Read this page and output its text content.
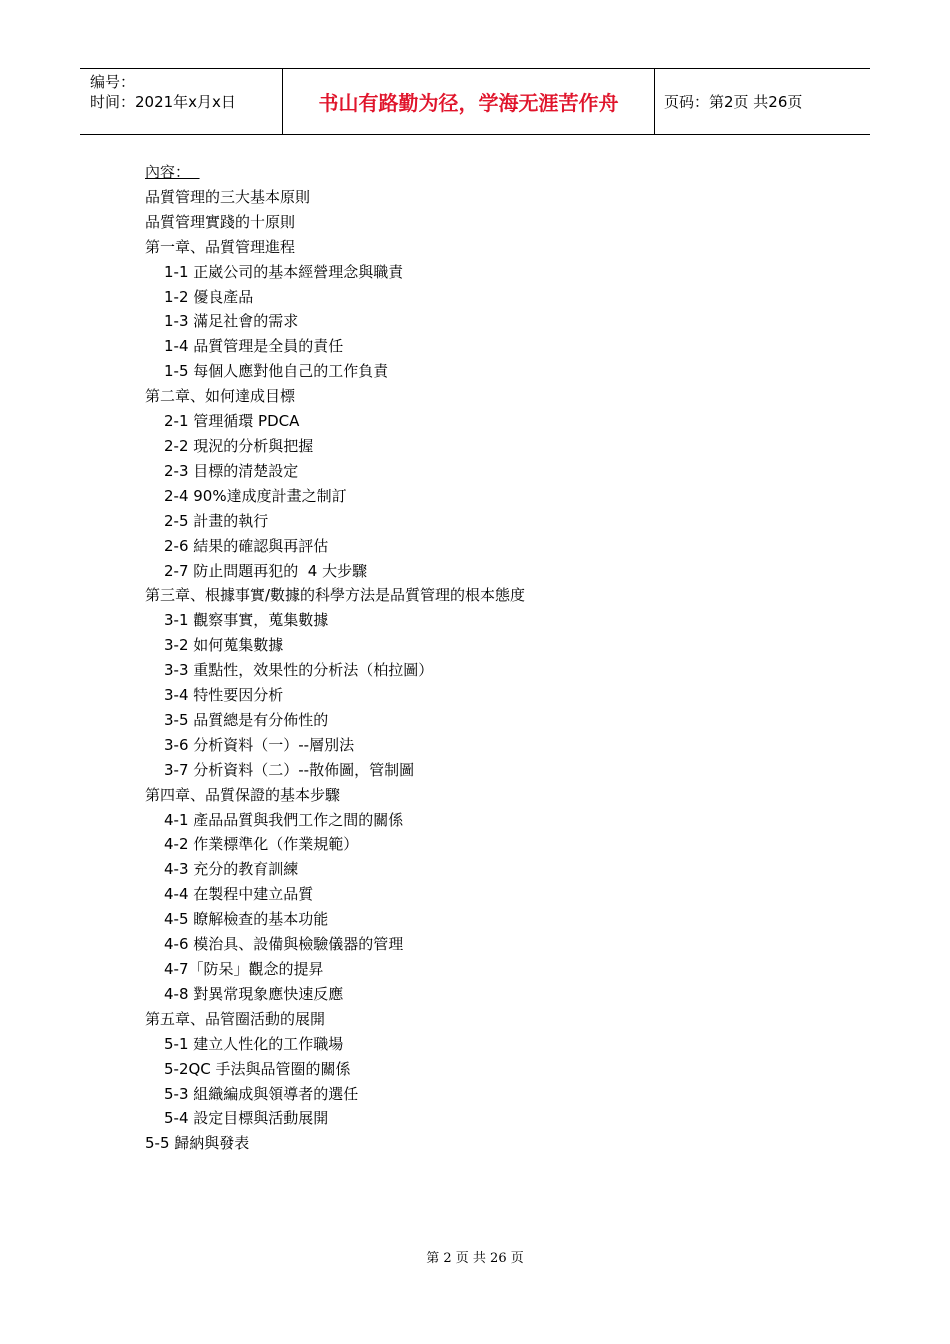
编号：
时间：2021年x月x日	书山有路勤为径，学海无涯苦作舟	页码：第2页 共26页
內容：
品質管理的三大基本原則
品質管理實踐的十原則
第一章、品質管理進程
1-1 正崴公司的基本經營理念與職責
1-2 優良產品
1-3 滿足社會的需求
1-4 品質管理是全員的責任
1-5 每個人應對他自己的工作負責
第二章、如何達成目標
2-1 管理循環 PDCA
2-2 現況的分析與把握
2-3 目標的清楚設定
2-4 90%達成度計畫之制訂
2-5 計畫的執行
2-6 結果的確認與再評估
2-7 防止問題再犯的  4 大步驟
第三章、根據事實/數據的科學方法是品質管理的根本態度
3-1 觀察事實，蒐集數據
3-2 如何蒐集數據
3-3 重點性，效果性的分析法（柏拉圖）
3-4 特性要因分析
3-5 品質總是有分佈性的
3-6 分析資料（一）--層別法
3-7 分析資料（二）--散佈圖，管制圖
第四章、品質保證的基本步驟
4-1 產品品質與我們工作之間的關係
4-2 作業標準化（作業規範）
4-3 充分的教育訓練
4-4 在製程中建立品質
4-5 瞭解檢查的基本功能
4-6 模治具、設備與檢驗儀器的管理
4-7「防呆」觀念的提昇
4-8 對異常現象應快速反應
第五章、品管圈活動的展開
5-1 建立人性化的工作職場
5-2QC 手法與品管圈的關係
5-3 組織編成與領導者的選任
5-4 設定目標與活動展開
5-5 歸納與發表
第 2 页 共 26 页
